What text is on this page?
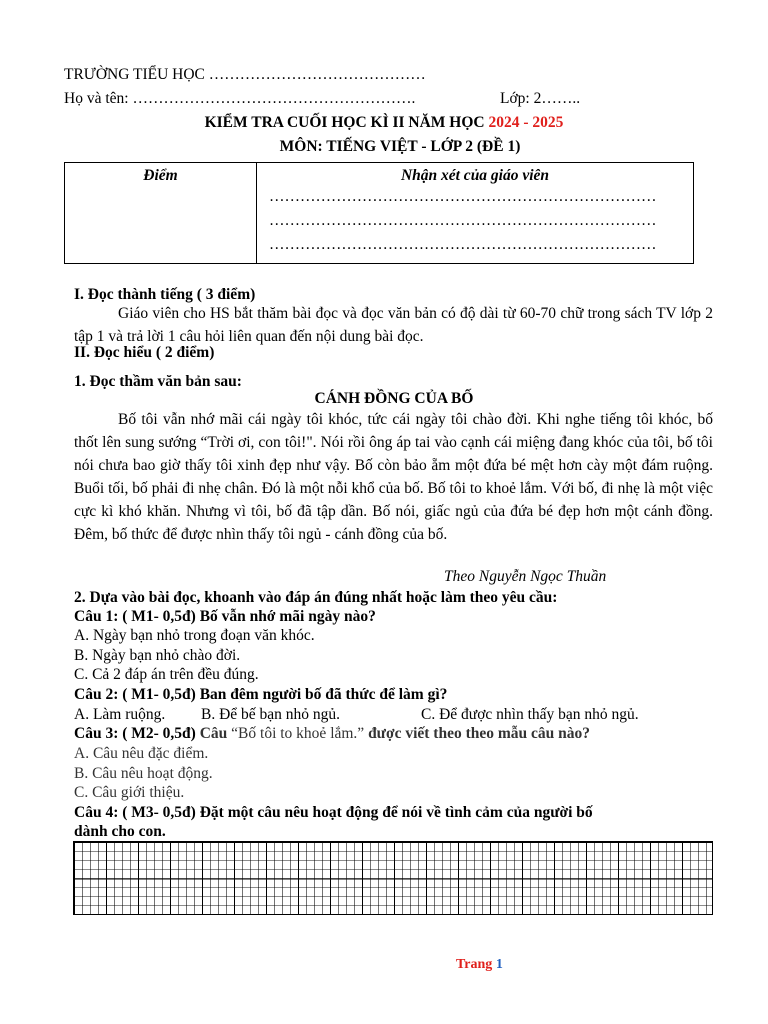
TRƯỜNG TIỂU HỌC ……………………………………
Họ và tên: ……………………………………………….	Lớp: 2……..
KIỂM TRA CUỐI HỌC KÌ II NĂM HỌC 2024 - 2025
MÔN: TIẾNG VIỆT - LỚP 2 (ĐỀ 1)
Điểm	Nhận xét của giáo viên
…………………………………………………………………
…………………………………………………………………
…………………………………………………………………
I. Đọc thành tiếng ( 3 điểm)
Giáo viên cho HS bắt thăm bài đọc và đọc văn bản có độ dài từ 60-70 chữ trong sách TV lớp 2 tập 1 và trả lời 1 câu hỏi liên quan đến nội dung bài đọc.
II. Đọc hiểu ( 2 điểm)
1. Đọc thầm văn bản sau:
CÁNH ĐỒNG CỦA BỐ
Bố tôi vẫn nhớ mãi cái ngày tôi khóc, tức cái ngày tôi chào đời. Khi nghe tiếng tôi khóc, bố thốt lên sung sướng “Trời ơi, con tôi!". Nói rồi ông áp tai vào cạnh cái miệng đang khóc của tôi, bố tôi nói chưa bao giờ thấy tôi xinh đẹp như vậy. Bố còn bảo ẵm một đứa bé mệt hơn cày một đám ruộng. Buổi tối, bố phải đi nhẹ chân. Đó là một nỗi khổ của bố. Bố tôi to khoẻ lắm. Với bố, đi nhẹ là một việc cực kì khó khăn. Nhưng vì tôi, bố đã tập dần. Bố nói, giấc ngủ của đứa bé đẹp hơn một cánh đồng. Đêm, bố thức để được nhìn thấy tôi ngủ - cánh đồng của bố.
Theo Nguyễn Ngọc Thuần
2. Dựa vào bài đọc, khoanh vào đáp án đúng nhất hoặc làm theo yêu cầu:
Câu 1: ( M1- 0,5đ) Bố vẫn nhớ mãi ngày nào?
A. Ngày bạn nhỏ trong đoạn văn khóc.
B. Ngày bạn nhỏ chào đời.
C. Cả 2 đáp án trên đều đúng.
Câu 2: ( M1- 0,5đ) Ban đêm người bố đã thức để làm gì?
A. Làm ruộng. B. Để bế bạn nhỏ ngủ.	C. Để được nhìn thấy bạn nhỏ ngủ.
Câu 3: ( M2- 0,5đ) Câu “Bố tôi to khoẻ lắm.” được viết theo theo mẫu câu nào?
A. Câu nêu đặc điểm.
B. Câu nêu hoạt động.
C. Câu giới thiệu.
Câu 4: ( M3- 0,5đ) Đặt một câu nêu hoạt động để nói về tình cảm của người bố
dành cho con.
Trang 1
